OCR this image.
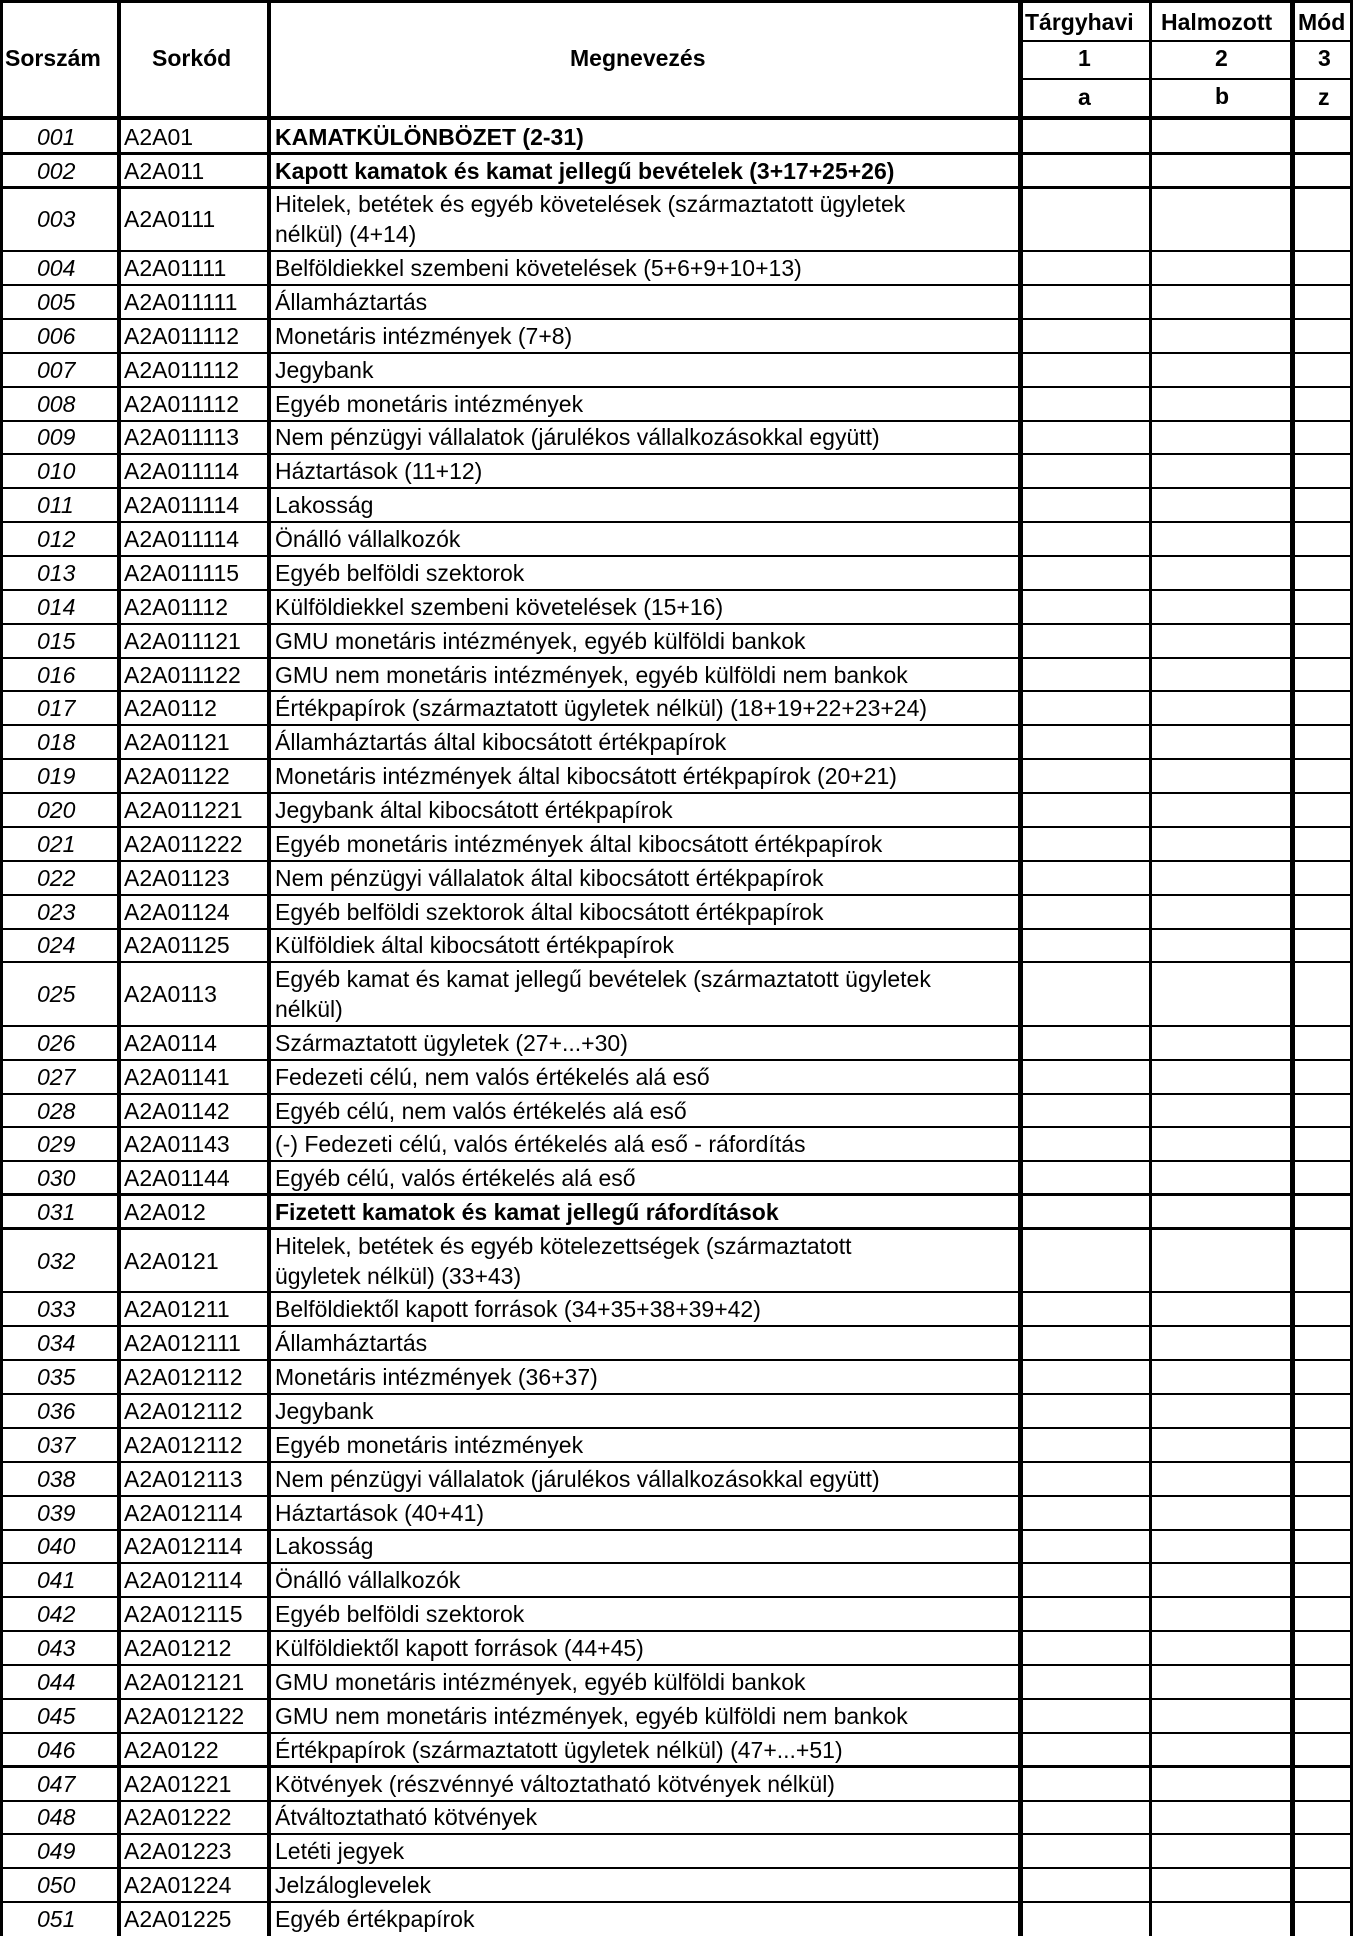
Sorszám Sorkód	Megnevezés
Tárgyhavi Halmozott Mód
1	2	3
a	b	z
001 A2A01	KAMATKÜLÖNBÖZET (2-31)
002 A2A011	Kapott kamatok és kamat jellegű bevételek (3+17+25+26)
003 A2A0111
Hitelek, betétek és egyéb követelések (származtatott ügyletek
nélkül) (4+14)
004 A2A01111 Belföldiekkel szembeni követelések (5+6+9+10+13)
005 A2A011111 Államháztartás
006 A2A011112 Monetáris intézmények (7+8)
007 A2A011112 Jegybank
008 A2A011112 Egyéb monetáris intézmények
009 A2A011113 Nem pénzügyi vállalatok (járulékos vállalkozásokkal együtt)
010 A2A011114 Háztartások (11+12)
011 A2A011114 Lakosság
012 A2A011114 Önálló vállalkozók
013 A2A011115 Egyéb belföldi szektorok
014 A2A01112 Külföldiekkel szembeni követelések (15+16)
015 A2A011121 GMU monetáris intézmények, egyéb külföldi bankok
016 A2A011122 GMU nem monetáris intézmények, egyéb külföldi nem bankok
017 A2A0112	Értékpapírok (származtatott ügyletek nélkül) (18+19+22+23+24)
018 A2A01121 Államháztartás által kibocsátott értékpapírok
019 A2A01122 Monetáris intézmények által kibocsátott értékpapírok (20+21)
020 A2A011221 Jegybank által kibocsátott értékpapírok
021 A2A011222 Egyéb monetáris intézmények által kibocsátott értékpapírok
022 A2A01123 Nem pénzügyi vállalatok által kibocsátott értékpapírok
023 A2A01124 Egyéb belföldi szektorok által kibocsátott értékpapírok
024 A2A01125 Külföldiek által kibocsátott értékpapírok
025 A2A0113
Egyéb kamat és kamat jellegű bevételek (származtatott ügyletek
nélkül)
026 A2A0114	Származtatott ügyletek (27+...+30)
027 A2A01141 Fedezeti célú, nem valós értékelés alá eső
028 A2A01142 Egyéb célú, nem valós értékelés alá eső
029 A2A01143 (-) Fedezeti célú, valós értékelés alá eső - ráfordítás
030 A2A01144 Egyéb célú, valós értékelés alá eső
031 A2A012	Fizetett kamatok és kamat jellegű ráfordítások
032 A2A0121
Hitelek, betétek és egyéb kötelezettségek (származtatott
ügyletek nélkül) (33+43)
033 A2A01211 Belföldiektől kapott források (34+35+38+39+42)
034 A2A012111 Államháztartás
035 A2A012112 Monetáris intézmények (36+37)
036 A2A012112 Jegybank
037 A2A012112 Egyéb monetáris intézmények
038 A2A012113 Nem pénzügyi vállalatok (járulékos vállalkozásokkal együtt)
039 A2A012114 Háztartások (40+41)
040 A2A012114 Lakosság
041 A2A012114 Önálló vállalkozók
042 A2A012115 Egyéb belföldi szektorok
043 A2A01212 Külföldiektől kapott források (44+45)
044 A2A012121 GMU monetáris intézmények, egyéb külföldi bankok
045 A2A012122 GMU nem monetáris intézmények, egyéb külföldi nem bankok
046 A2A0122 Értékpapírok (származtatott ügyletek nélkül) (47+...+51)
047 A2A01221 Kötvények (részvénnyé változtatható kötvények nélkül)
048 A2A01222 Átváltoztatható kötvények
049 A2A01223 Letéti jegyek
050 A2A01224 Jelzáloglevelek
051 A2A01225 Egyéb értékpapírok
